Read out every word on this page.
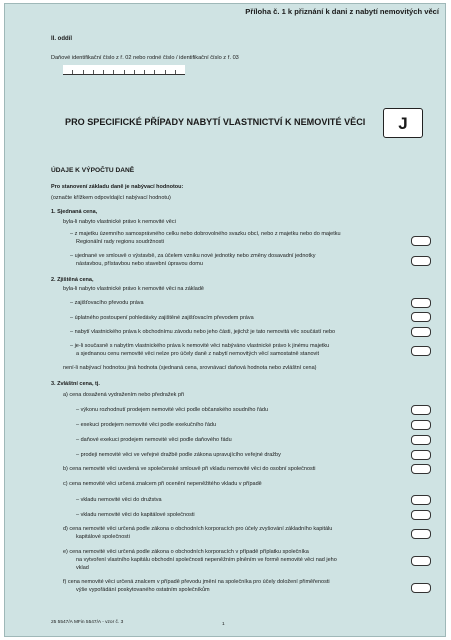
Příloha č. 1 k přiznání k dani z nabytí nemovitých věcí
II. oddíl
Daňové identifikační číslo z ř. 02 nebo rodné číslo / identifikační číslo z ř. 03
PRO SPECIFICKÉ PŘÍPADY NABYTÍ VLASTNICTVÍ K NEMOVITÉ VĚCI	J
ÚDAJE K VÝPOČTU DANĚ
Pro stanovení základu daně je nabývací hodnotou:
(označte křížkem odpovídající nabývací hodnotu)
1. Sjednaná cena,
byla-li nabyto vlastnické právo k nemovité věci
– z majetku územního samosprávného celku nebo dobrovolného svazku obcí, nebo z majetku nebo do majetku
Regionální rady regionu soudržnosti
– ujednané ve smlouvě o výstavbě, za účelem vzniku nové jednotky nebo změny dosavadní jednotky
nástavbou, přístavbou nebo stavební úpravou domu
2. Zjištěná cena,
byla-li nabyto vlastnické právo k nemovité věci na základě
– zajišťovacího převodu práva
– úplatného postoupení pohledávky zajištěné zajišťovacím převodem práva
– nabytí vlastnického práva k obchodnímu závodu nebo jeho části, jejichž je tato nemovitá věc součástí nebo
– je-li současně s nabytím vlastnického práva k nemovité věci nabýváno vlastnické právo k jinému majetku
a sjednanou cenu nemovité věci nelze pro účely daně z nabytí nemovitých věcí samostatně stanovit
není-li nabývací hodnotou jiná hodnota (sjednaná cena, srovnávací daňová hodnota nebo zvláštní cena)
3. Zvláštní cena, tj.
a) cena dosažená vydražením nebo předražek při
– výkonu rozhodnutí prodejem nemovité věci podle občanského soudního řádu
– exekuci prodejem nemovité věci podle exekučního řádu
– daňové exekuci prodejem nemovité věci podle daňového řádu
– prodeji nemovité věci ve veřejné dražbě podle zákona upravujícího veřejné dražby
b) cena nemovité věci uvedená ve společenské smlouvě při vkladu nemovité věci do osobní společnosti
c) cena nemovité věci určená znalcem při ocenění nepeněžitého vkladu v případě
– vkladu nemovité věci do družstva
– vkladu nemovité věci do kapitálové společnosti
d) cena nemovité věci určená podle zákona o obchodních korporacích pro účely zvyšování základního kapitálu
kapitálové společnosti
e) cena nemovité věci určená podle zákona o obchodních korporacích v případě příplatku společníka
na vytvoření vlastního kapitálu obchodní společnosti nepeněžním plněním ve formě nemovité věci nad jeho
vklad
f) cena nemovité věci určená znalcem v případě převodu jmění na společníka pro účely doložení přiměřenosti
výše vypořádání poskytovaného ostatním společníkům
25 5547/A MFin 5547/A - vzor č. 3	1
